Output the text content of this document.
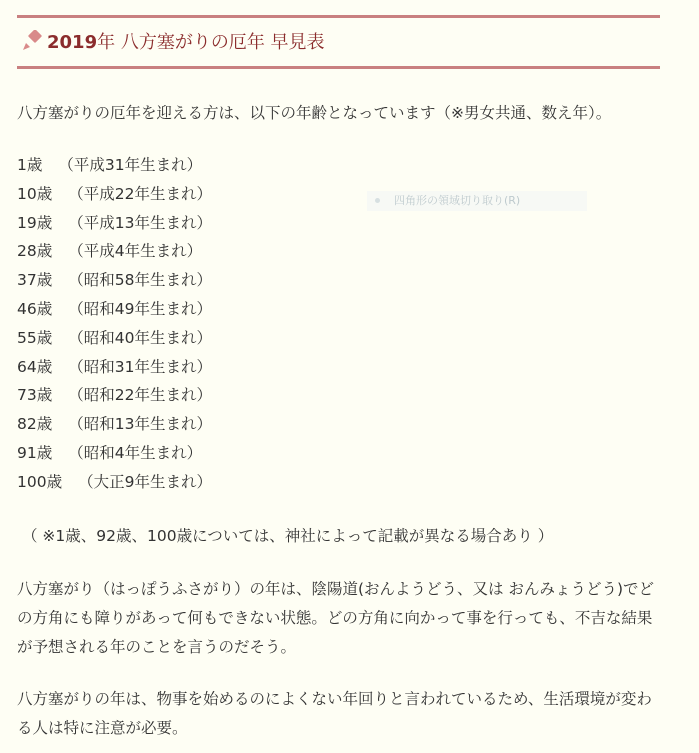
2019年 八方塞がりの厄年 早見表
八方塞がりの厄年を迎える方は、以下の年齢となっています（※男女共通、数え年）。
1歳 （平成31年生まれ）
10歳 （平成22年生まれ）
19歳 （平成13年生まれ）
28歳 （平成4年生まれ）
37歳 （昭和58年生まれ）
46歳 （昭和49年生まれ）
55歳 （昭和40年生まれ）
64歳 （昭和31年生まれ）
73歳 （昭和22年生まれ）
82歳 （昭和13年生まれ）
91歳 （昭和4年生まれ）
100歳 （大正9年生まれ）
四角形の領域切り取り(R)
（ ※1歳、92歳、100歳については、神社によって記載が異なる場合あり ）

八方塞がり（はっぽうふさがり）の年は、陰陽道(おんようどう、又は おんみょうどう)でどの方角にも障りがあって何もできない状態。どの方角に向かって事を行っても、不吉な結果が予想される年のことを言うのだそう。

八方塞がりの年は、物事を始めるのによくない年回りと言われているため、生活環境が変わる人は特に注意が必要。
